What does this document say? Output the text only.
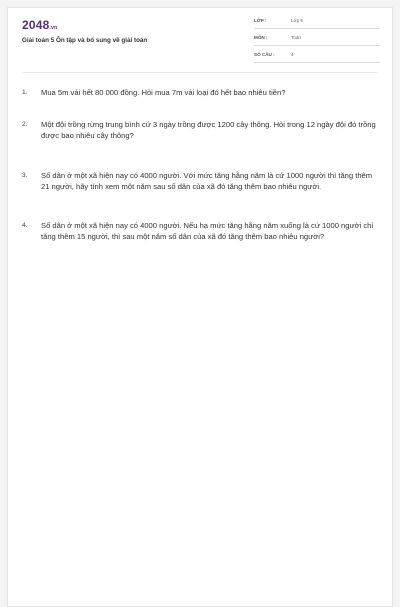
2048.vn
Giải toán 5 Ôn tập và bổ sung về giải toán
LỚP :	Lớp 5
MÔN :	Toán
SỐ CÂU :	4
1. Mua 5m vải hết 80 000 đồng. Hỏi mua 7m vải loại đó hết bao nhiêu tiền?
2. Một đội trồng rừng trung bình cứ 3 ngày trồng được 1200 cây thông. Hỏi trong 12 ngày đội đó trồng được bao nhiêu cây thông?
3. Số dân ở một xã hiện nay có 4000 người. Với mức tăng hằng năm là cứ 1000 người thì tăng thêm 21 người, hãy tính xem một năm sau số dân của xã đó tăng thêm bao nhiêu người.
4. Số dân ở một xã hiện nay có 4000 người. Nếu hạ mức tăng hằng năm xuống là cứ 1000 người chỉ tăng thêm 15 người, thì sau một năm số dân của xã đó tăng thêm bao nhiêu người?
